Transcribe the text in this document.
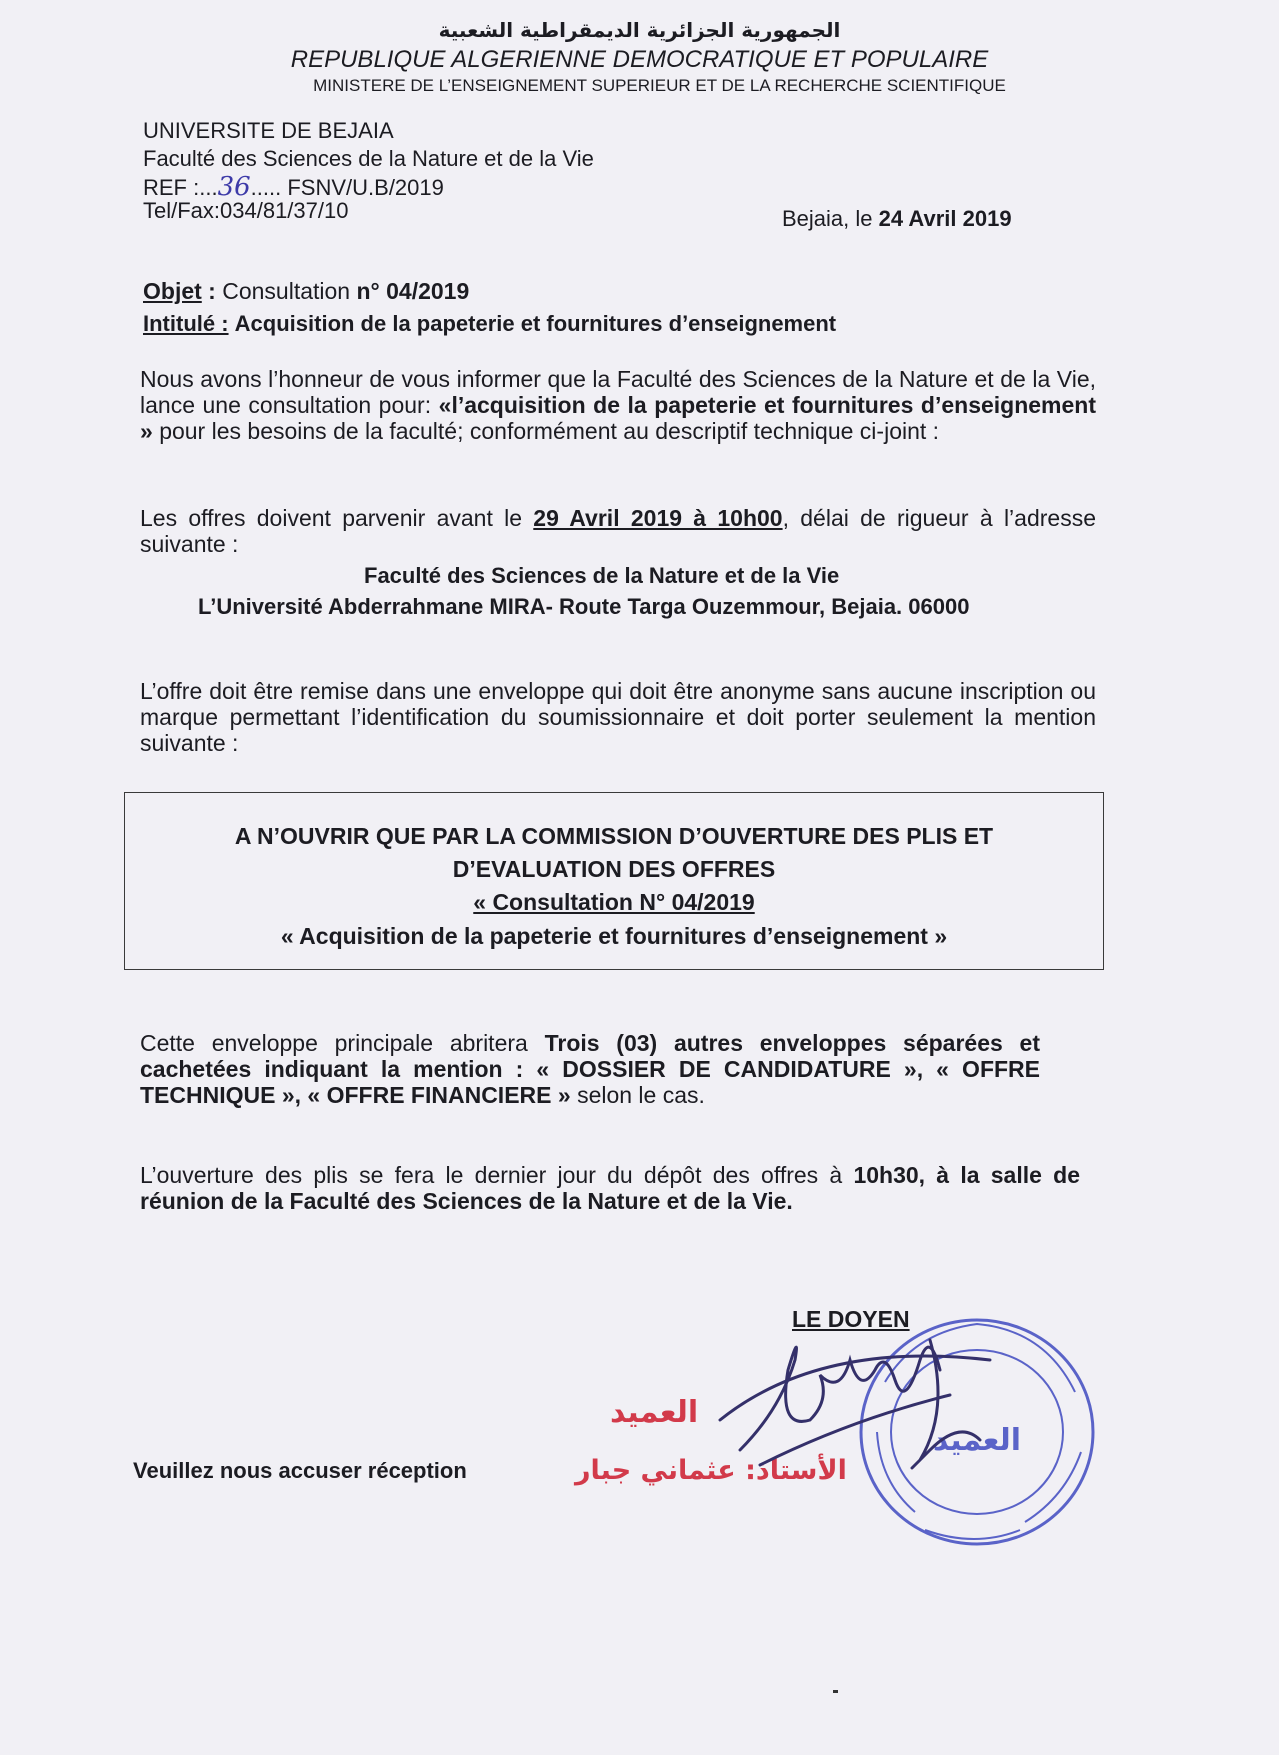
الجمهورية الجزائرية الديمقراطية الشعبية
REPUBLIQUE ALGERIENNE DEMOCRATIQUE ET POPULAIRE
MINISTERE DE L’ENSEIGNEMENT SUPERIEUR ET DE LA RECHERCHE SCIENTIFIQUE
UNIVERSITE DE BEJAIA
Faculté des Sciences de la Nature et de la Vie
REF :...36..... FSNV/U.B/2019
Tel/Fax:034/81/37/10	Bejaia, le 24 Avril 2019
Objet : Consultation n° 04/2019
Intitulé : Acquisition de la papeterie et fournitures d’enseignement
Nous avons l’honneur de vous informer que la Faculté des Sciences de la Nature et de la Vie, lance une consultation pour: «l’acquisition de la papeterie et fournitures d’enseignement » pour les besoins de la faculté; conformément au descriptif technique ci-joint :
Les offres doivent parvenir avant le 29 Avril 2019 à 10h00, délai de rigueur à l’adresse suivante :
Faculté des Sciences de la Nature et de la Vie
L’Université Abderrahmane MIRA- Route Targa Ouzemmour, Bejaia. 06000
L’offre doit être remise dans une enveloppe qui doit être anonyme sans aucune inscription ou marque permettant l’identification du soumissionnaire et doit porter seulement la mention suivante :
A N’OUVRIR QUE PAR LA COMMISSION D’OUVERTURE DES PLIS ET
D’EVALUATION DES OFFRES
« Consultation N° 04/2019
« Acquisition de la papeterie et fournitures d’enseignement »
Cette enveloppe principale abritera Trois (03) autres enveloppes séparées et cachetées indiquant la mention : « DOSSIER DE CANDIDATURE », « OFFRE TECHNIQUE », « OFFRE FINANCIERE » selon le cas.
L’ouverture des plis se fera le dernier jour du dépôt des offres à 10h30, à la salle de réunion de la Faculté des Sciences de la Nature et de la Vie.
Veuillez nous accuser réception
LE DOYEN
العميد
العميد
الأستاذ: عثماني جبار
